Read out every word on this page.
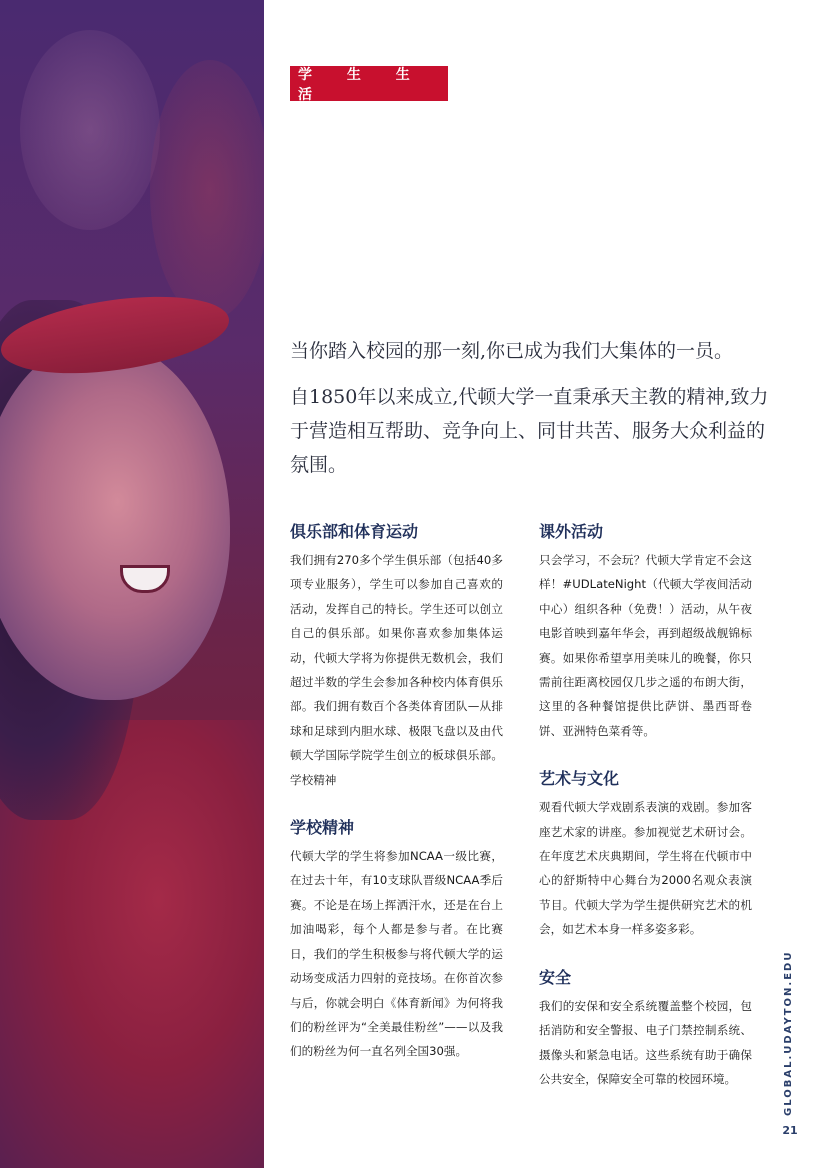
学 生 生 活

当你踏入校园的那一刻,你已成为我们大集体的一员。

自1850年以来成立,代顿大学一直秉承天主教的精神,致力于营造相互帮助、竞争向上、同甘共苦、服务大众利益的氛围。

俱乐部和体育运动

我们拥有270多个学生俱乐部（包括40多项专业服务），学生可以参加自己喜欢的活动，发挥自己的特长。学生还可以创立自己的俱乐部。如果你喜欢参加集体运动，代顿大学将为你提供无数机会，我们超过半数的学生会参加各种校内体育俱乐部。我们拥有数百个各类体育团队—从排球和足球到内胆水球、极限飞盘以及由代顿大学国际学院学生创立的板球俱乐部。学校精神

学校精神

代顿大学的学生将参加NCAA一级比赛，在过去十年，有10支球队晋级NCAA季后赛。不论是在场上挥洒汗水，还是在台上加油喝彩，每个人都是参与者。在比赛日，我们的学生积极参与将代顿大学的运动场变成活力四射的竞技场。在你首次参与后，你就会明白《体育新闻》为何将我们的粉丝评为“全美最佳粉丝”——以及我们的粉丝为何一直名列全国30强。

课外活动

只会学习，不会玩？代顿大学肯定不会这样！#UDLateNight（代顿大学夜间活动中心）组织各种（免费！）活动，从午夜电影首映到嘉年华会，再到超级战舰锦标赛。如果你希望享用美味儿的晚餐，你只需前往距离校园仅几步之遥的布朗大街，这里的各种餐馆提供比萨饼、墨西哥卷饼、亚洲特色菜肴等。

艺术与文化

观看代顿大学戏剧系表演的戏剧。参加客座艺术家的讲座。参加视觉艺术研讨会。在年度艺术庆典期间，学生将在代顿市中心的舒斯特中心舞台为2000名观众表演节目。代顿大学为学生提供研究艺术的机会，如艺术本身一样多姿多彩。

安全

我们的安保和安全系统覆盖整个校园，包括消防和安全警报、电子门禁控制系统、摄像头和紧急电话。这些系统有助于确保公共安全，保障安全可靠的校园环境。	GLOBAL.UDAYTON.EDU
21
